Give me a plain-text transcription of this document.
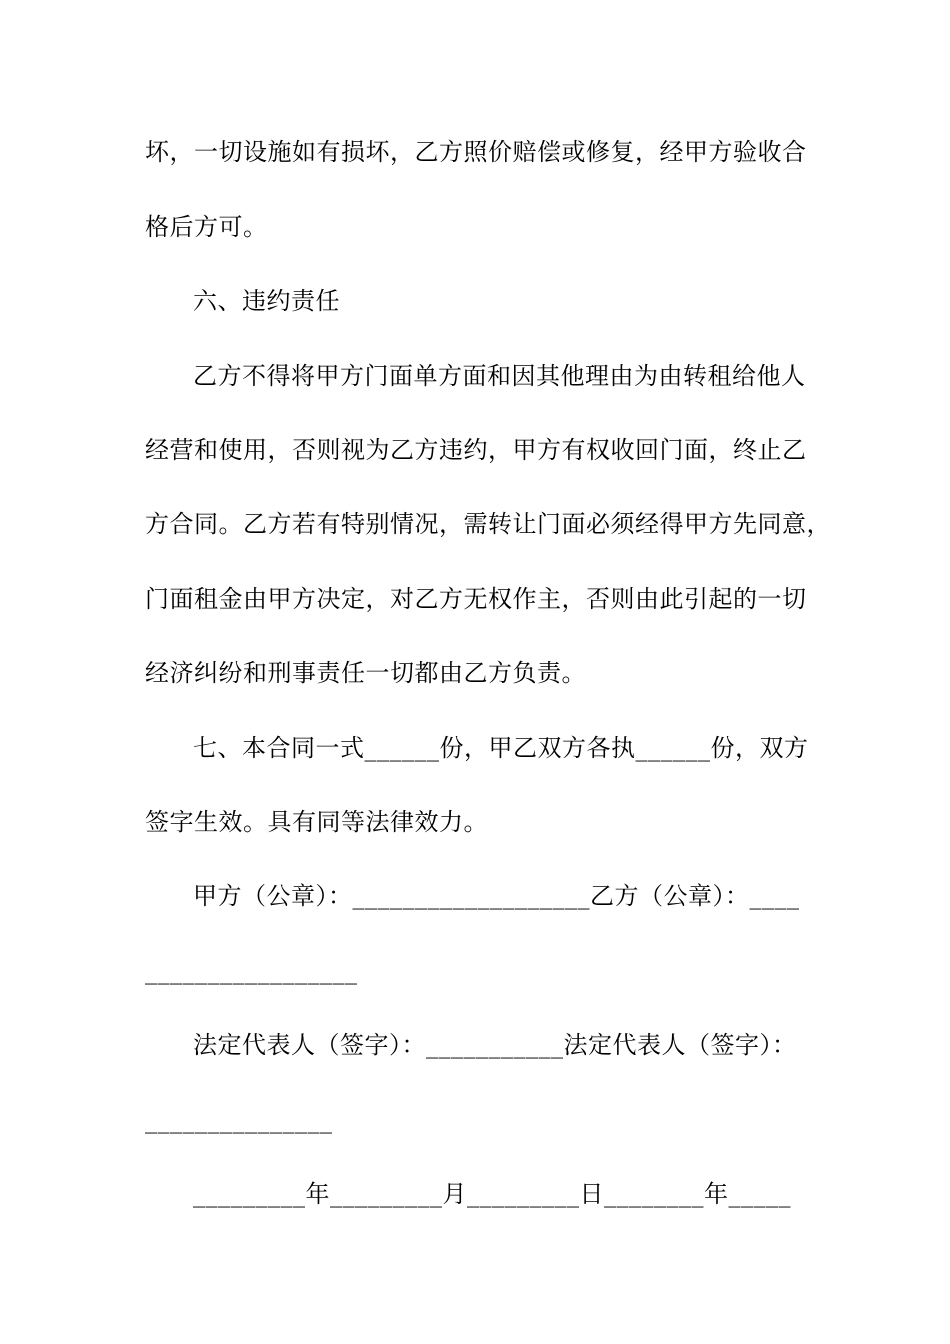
坏，一切设施如有损坏，乙方照价赔偿或修复，经甲方验收合
格后方可。
六、违约责任
乙方不得将甲方门面单方面和因其他理由为由转租给他人
经营和使用，否则视为乙方违约，甲方有权收回门面，终止乙
方合同。乙方若有特别情况，需转让门面必须经得甲方先同意，
门面租金由甲方决定，对乙方无权作主，否则由此引起的一切
经济纠纷和刑事责任一切都由乙方负责。
七、本合同一式______份，甲乙双方各执______份，双方
签字生效。具有同等法律效力。
甲方（公章）：___________________乙方（公章）：____
_________________
法定代表人（签字）：___________法定代表人（签字）：
_______________
_________年_________月_________日________年_____
